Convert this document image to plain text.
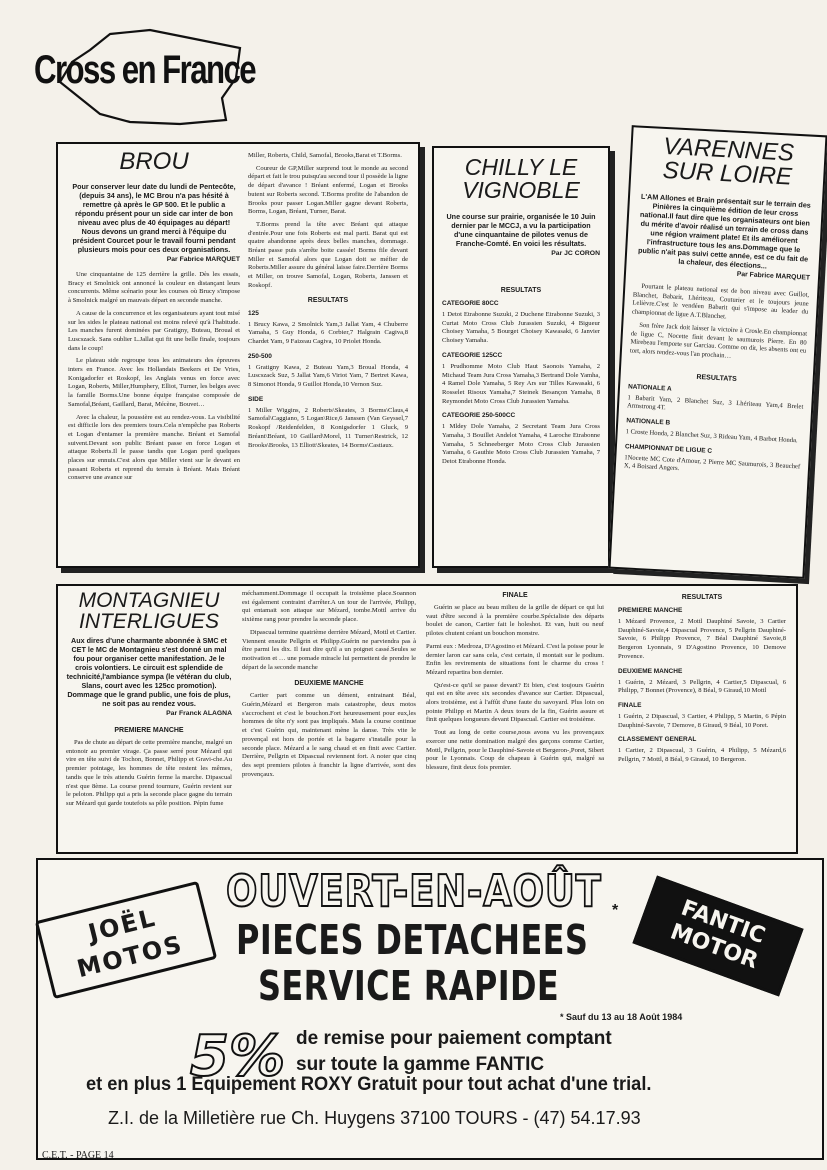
Cross en France
BROU
Pour conserver leur date du lundi de Pentecôte, (depuis 34 ans), le MC Brou n'a pas hésité à remettre çà après le GP 500. Et le public a répondu présent pour un side car inter de bon niveau avec plus de 40 équipages au départ! Nous devons un grand merci à l'équipe du président Courcet pour le travail fourni pendant plusieurs mois pour ces deux organisations.
Par Fabrice MARQUET

Une cinquantaine de 125 derrière la grille. Dès les essais, Bracy et Smolnick ont annoncé la couleur en distançant leurs concurrents. Même scénario pour les courses où Brucy s'impose à Smolnick malgré un mauvais départ en seconde manche.

A cause de la concurrence et les organisateurs ayant tout misé sur les sides le plateau national est moins relevé qu'à l'habitude. Les manches furent dominées par Gratigny, Buteau, Broual et Luscszack. Sans oublier L.Jallat qui fit une belle finale, toujours dans le coup!

Le plateau side regroupe tous les animateurs des épreuves inters en France. Avec les Hollandais Beekers et De Vries, Konigadorfer et Roskopf, les Anglais venus en force avec Logan, Roberts, Miller,Humphery, Elliot, Turner, les belges avec la famille Borms.Une bonne équipe française composée de Samofal,Bréant, Gaillard, Barat, Mécène, Bouvet…

Avec la chaleur, la poussière est au rendez-vous. La visibilité est difficile lors des premiers tours.Cela n'empêche pas Roberts et Logan d'entamer la première manche. Bréant et Samofal suivent.Devant son public Bréant passe en force Logan et attaque Roberts.Il le passe tandis que Logan perd quelques places sur ennuis.C'est alors que Miller vient sur le devant en passant Roberts et reprend du terrain à Bréant. Mais Bréant conserve une avance sur

Miller, Roberts, Child, Samofal, Brooks,Barat et T.Borms.

Coureur de GP,Miller surprend tout le monde au second départ et fait le trou puisqu'au second tour il possède la ligne de départ d'avance ! Bréant enfermé, Logan et Brooks butent sur Roberts second. T.Borms profite de l'abandon de Brooks pour passer Logan.Miller gagne devant Roberts, Borms, Logan, Bréant, Turner, Barat.

T.Borms prend la tête avec Bréant qui attaque d'entrée.Pour une fois Roberts est mal parti. Barat qui est quatre abandonne après deux belles manches, dommage. Bréant passe puis s'arrête boite cassée! Borms file devant Miller et Samofal alors que Logan doit se méfier de Roberts.Miller assure du général laisse faire.Derrière Borms et Miller, on trouve Samofal, Logan, Roberts, Janssen et Roskopf.

RESULTATS
125

1 Brucy Kawa, 2 Smolnick Yam,3 Jallat Yam, 4 Chuberre Yamaha, 5 Guy Honda, 6 Corbier,7 Halgrain Cagiva,8 Chardet Yam, 9 Faizeau Cagiva, 10 Priolet Honda.

250-500

1 Gratigny Kawa, 2 Buteau Yam,3 Broual Honda, 4 Luscszack Suz, 5 Jallat Yam,6 Viriot Yam, 7 Bertret Kawa, 8 Simonot Honda, 9 Guillot Honda,10 Vernon Suz.

SIDE

1 Miller Wiggins, 2 Roberts\Skeates, 3 Borms\Claus,4 Samofal\Caggiano, 5 Logan\Rice,6 Janssen (Van Geyssel,7 Roskopf /Reidenfelden, 8 Konigsdorfer 1 Gluck, 9 Bréant\Bréant, 10 Gaillard\Morel, 11 Turner\Restrick, 12 Brooks\Brooks, 13 Elliott\Skeates, 14 Borms\Castiaux.

CHILLY LE VIGNOBLE
Une course sur prairie, organisée le 10 Juin dernier par le MCCJ, a vu la participation d'une cinquantaine de pilotes venus de Franche-Comté. En voici les résultats.
Par JC CORON
RESULTATS
CATEGORIE 80CC

1 Detot Etrabonne Suzuki, 2 Duchene Etrabonne Suzuki, 3 Curtat Moto Cross Club Jurassien Suzuki, 4 Bigueur Choisey Yamaha, 5 Bourget Choisey Kawasaki, 6 Janvier Choisey Yamaha.

CATEGORIE 125CC

1 Prudhomme Moto Club Haut Saonois Yamaha, 2 Michaud Team Jura Cross Yamaha,3 Bertrand Dole Yamha, 4 Ramel Dole Yamaha, 5 Rey Ars sur Tilles Kawasaki, 6 Rosselet Risoux Yamaha,7 Steinek Besançon Yamaha, 8 Reymondet Moto Cross Club Jurassien Yamaha.

CATEGORIE 250-500CC

1 Mldey Dole Yamaha, 2 Secretant Team Jura Cross Yamaha, 3 Bouillet Andelot Yamaha, 4 Laroche Etrabonne Yamaha, 5 Schneeberger Moto Cross Club Jurassien Yamaha, 6 Gauthie Moto Cross Club Jurassien Yamaha, 7 Detot Etrabonne Honda.

VARENNES SUR LOIRE
L'AM Allones et Brain présentait sur le terrain des Pinières la cinquième édition de leur cross national.Il faut dire que les organisateurs ont bien du mérite d'avoir réalisé un terrain de cross dans une région vraiment plate! Et ils améliorent l'infrastructure tous les ans.Dommage que le public n'ait pas suivi cette année, est ce du fait de la chaleur, des élections...
Par Fabrice MARQUET

Pourtant le plateau national est de bon niveau avec Guillot, Blanchet, Babarit, Lhériteau, Couturier et le toujours jeune Lelièvre.C'est le vendéen Babarit qui s'impose au leader du championnat de ligue A.T.Blanchet.

Son frère Jack doit laisser la victoire à Crosle.En championnat de ligue C, Nocette finit devant le saumurois Pierre. En 80 Mirebeau l'emporte sur Garciau. Comme on dit, les absents ont eu tort, alors rendez-vous l'an prochain…

RESULTATS
NATIONALE A

1 Babarit Yam, 2 Blanchet Suz, 3 Lhériteau Yam,4 Brelet Armstrong 4T.

NATIONALE B

1 Croste Honda, 2 Blanchet Suz, 3 Rideau Yam, 4 Barbot Honda.

CHAMPIONNAT DE LIGUE C

1Nocette MC Cote d'Amour, 2 Pierre MC Saumurois, 3 Beauchef X, 4 Boisard Angers.

MONTAGNIEU INTERLIGUES
Aux dires d'une charmante abonnée à SMC et CET le MC de Montagnieu s'est donné un mal fou pour organiser cette manifestation. Je le crois volontiers. Le circuit est splendide de technicité,l'ambiance sympa (le vétéran du club, Slans, court avec les 125cc promotion). Dommage que le grand public, une fois de plus, ne soit pas au rendez vous.
Par Franck ALAGNA
PREMIERE MANCHE

Pas de chute au départ de cette première manche, malgré un entonoir au premier virage. Ça passe serré pour Mézard qui vire en tête suivi de Tochon, Bonnet, Philipp et Gravi-che.Au premier pointage, les hommes de tête restent les mêmes, tandis que le très attendu Guérin ferme la marche. Dipascual n'est que 8ème. La course prend tournure, Guérin revient sur le peloton. Philipp qui a pris la seconde place gagne du terrain sur Mézard qui garde toutefois sa pôle position. Pépin fume

méchamment.Dommage il occupait la troisième place.Soannon est également contraint d'arrêter.A un tour de l'arrivée, Philipp, qui entamait son attaque sur Mézard, tombe.Mottl arrive du sixième rang pour prendre la seconde place.

Dipascual termine quatrième derrière Mézard, Mottl et Cartier. Viennent ensuite Pellgrin et Philipp.Guérin ne parviendra pas à être parmi les dix. Il faut dire qu'il a un poignet cassé.Seules se motivation et … une pomade miracle lui permettent de prendre le départ de la seconde manche

DEUXIEME MANCHE

Cartier part comme un dément, entrainant Béal, Guérin,Mézard et Bergeron mais catastrophe, deux motos s'accrochent et c'est le bouchon.Fort heureusement pour eux,les hommes de tête n'y sont pas impliqués. Mais la course continue et c'est Guérin qui, maintenant mène la danse. Très vite le provençal est hors de portée et la bagarre s'installe pour la seconde place. Mézard a le sang chaud et en finit avec Cartier. Derrière, Pellgrin et Dipascual reviennent fort. A noter que cinq des sept premiers pilotes à franchir la ligne d'arrivée, sont des provençaux.

FINALE

Guérin se place au beau milieu de la grille de départ ce qui lui vaut d'être second à la première courbe.Spécialiste des départs boulet de canon, Cartier fait le holeshot. Et van, huit ou neuf pilotes chutent créant un bouchon monstre.

Parmi eux : Medroza, D'Agostino et Mézard. C'est la poisse pour le dernier laron car sans cela, c'est certain, il montait sur le podium. Enfin les revirements de situations font le charme du cross ! Mézard repartira bon dernier.

Qu'est-ce qu'il se passe devant? Et bien, c'est toujours Guérin qui est en tête avec six secondes d'avance sur Cartier. Dipascual, alors troisième, est à l'affût d'une faute du savoyard. Plus loin on pointe Philipp et Martin A deux tours de la fin, Guérin assure et finit quelques longueurs devant Dipascual. Cartier est troisième.

Tout au long de cette course,nous avons vu les provençaux exercer une nette domination malgré des garçons comme Cartier, Mottl, Pellgrin, pour le Dauphiné-Savoie et Bergeron-,Poret, Sibert pour le Lyonnais. Coup de chapeau à Guérin qui, malgré sa blessure, finit deux fois premier.

RESULTATS
PREMIERE MANCHE

1 Mézard Provence, 2 Mottl Dauphiné Savoie, 3 Cartier Dauphiné-Savoie,4 Dipascual Provence, 5 Pellgrin Dauphiné-Savoie, 6 Philipp Provence, 7 Béal Dauphiné Savoie,8 Bergeron Lyonnais, 9 D'Agostino Provence, 10 Demove Provence.

DEUXIEME MANCHE

1 Guérin, 2 Mézard, 3 Pellgrin, 4 Cartier,5 Dipascual, 6 Philipp, 7 Bonnet (Provence), 8 Béal, 9 Giraud,10 Mottl

FINALE

1 Guérin, 2 Dipascual, 3 Cartier, 4 Philipp, 5 Martin, 6 Pépin Dauphiné-Savoie, 7 Demove, 8 Giraud, 9 Béal, 10 Poret.

CLASSEMENT GENERAL

1 Cartier, 2 Dipascual, 3 Guérin, 4 Philipp, 5 Mézard,6 Pellgrin, 7 Mottl, 8 Béal, 9 Giraud, 10 Bergeron.

OUVERT-EN-AOÛT *
PIECES DETACHEES
SERVICE RAPIDE
* Sauf du 13 au 18 Août 1984
JOËL MOTOS
FANTIC MOTOR
5% de remise pour paiement comptant
sur toute la gamme FANTIC
et en plus 1 Equipement ROXY Gratuit pour tout achat d'une trial.
Z.I. de la Milletière rue Ch. Huygens 37100 TOURS - (47) 54.17.93
C.E.T. - PAGE 14
